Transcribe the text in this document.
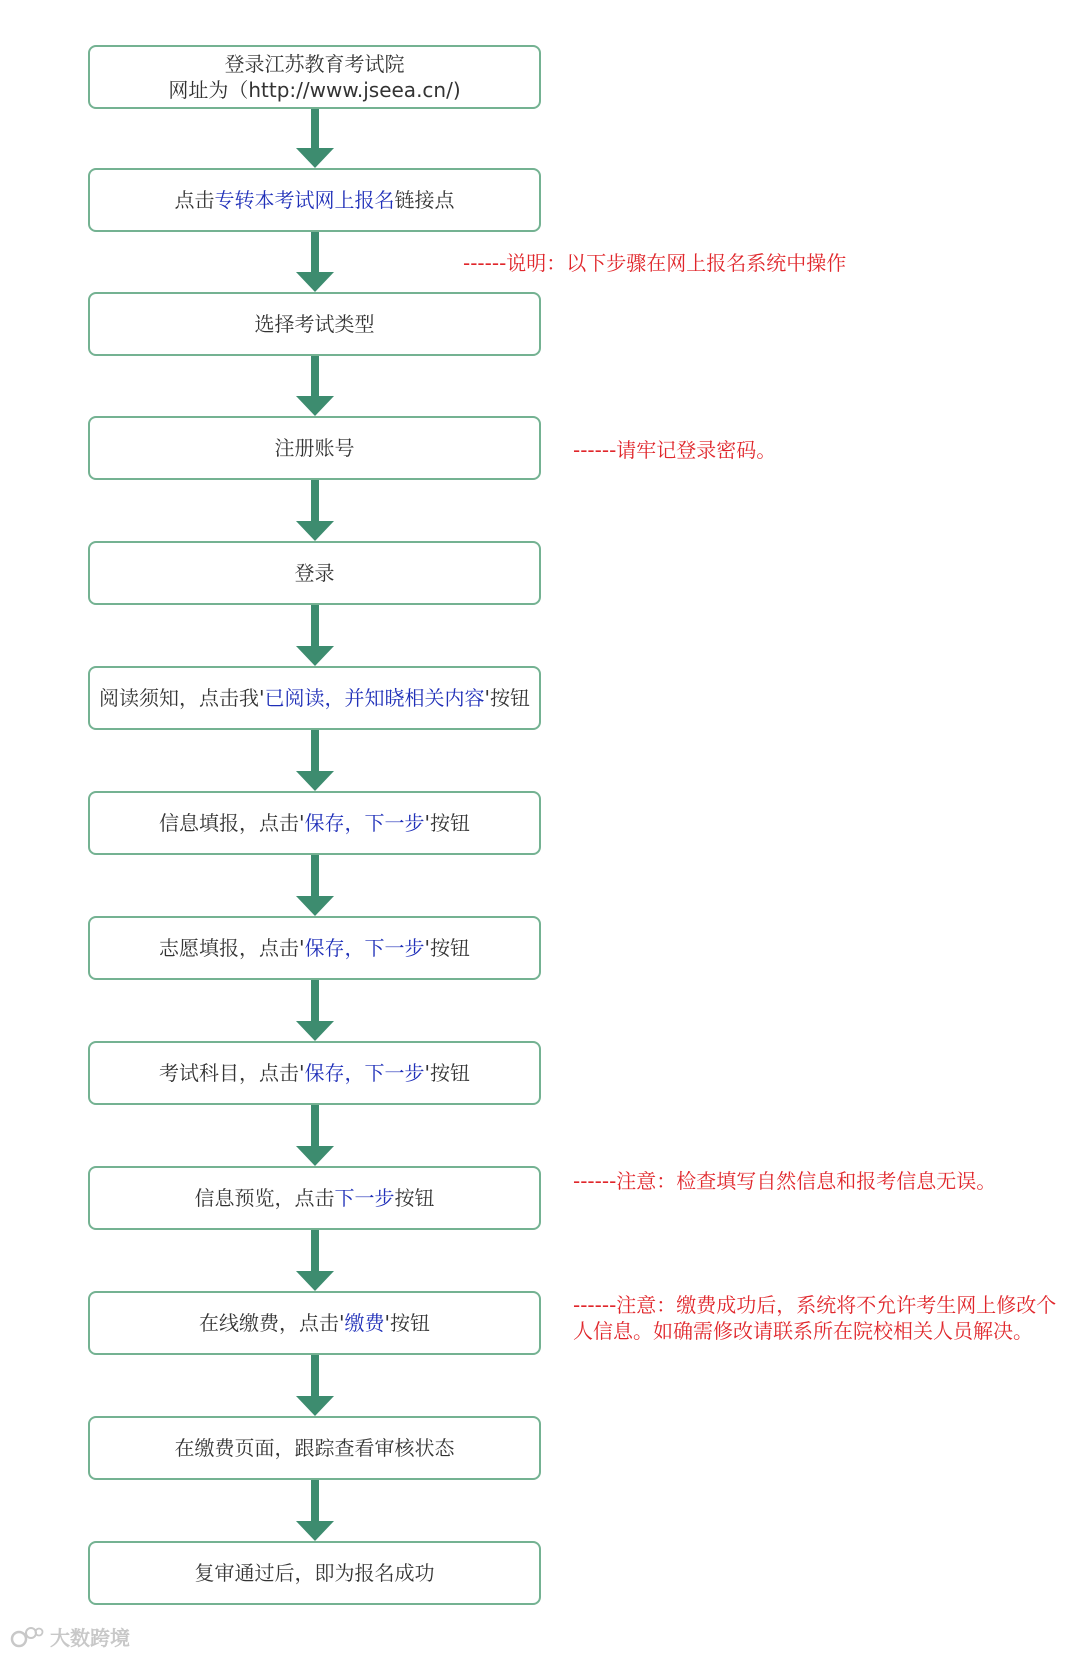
登录江苏教育考试院
网址为（http://www.jseea.cn/)
点击专转本考试网上报名链接点
选择考试类型
注册账号
登录
阅读须知，点击我'已阅读，并知晓相关内容'按钮
信息填报，点击'保存，下一步'按钮
志愿填报，点击'保存，下一步'按钮
考试科目，点击'保存，下一步'按钮
信息预览，点击下一步按钮
在线缴费，点击'缴费'按钮
在缴费页面，跟踪查看审核状态
复审通过后，即为报名成功
------说明：以下步骤在网上报名系统中操作
------请牢记登录密码。
------注意：检查填写自然信息和报考信息无误。
------注意：缴费成功后，系统将不允许考生网上修改个人信息。如确需修改请联系所在院校相关人员解决。
大数跨境
